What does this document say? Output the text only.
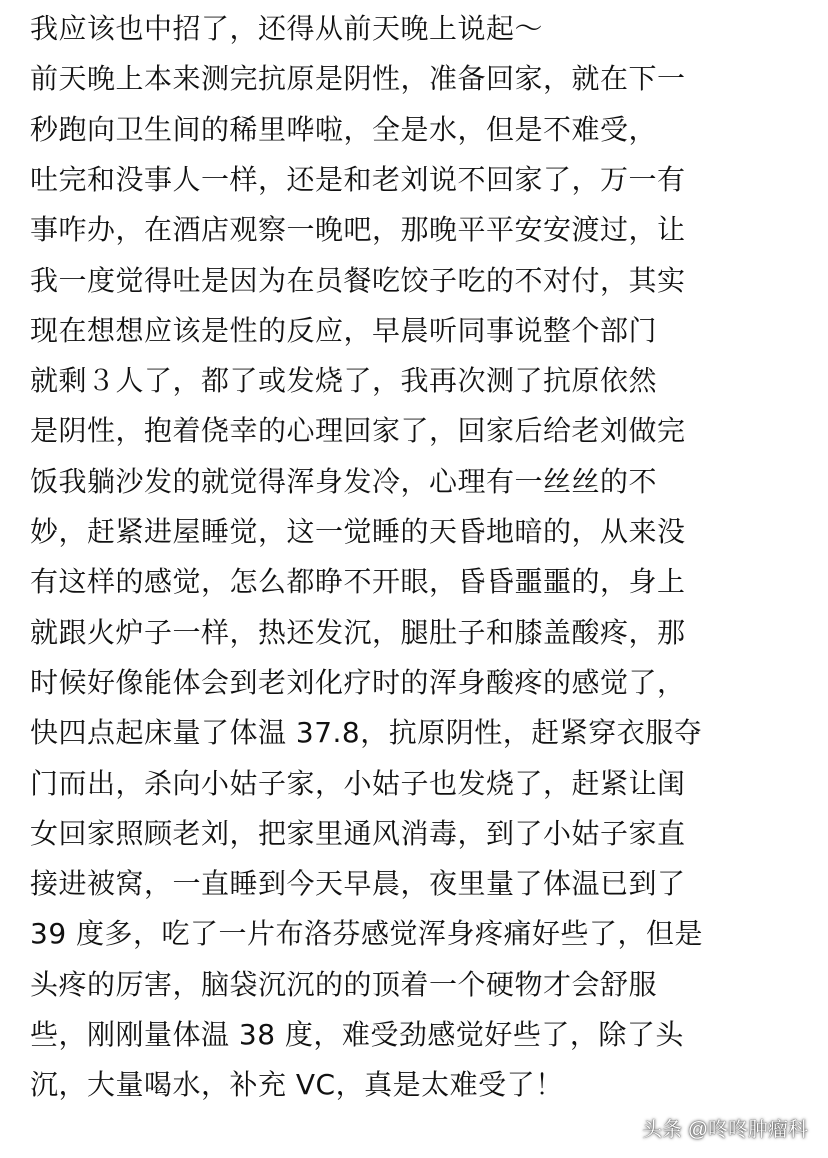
我应该也中招了，还得从前天晚上说起～
前天晚上本来测完抗原是阴性，准备回家，就在下一
秒跑向卫生间的稀里哗啦，全是水，但是不难受，
吐完和没事人一样，还是和老刘说不回家了，万一有
事咋办，在酒店观察一晚吧，那晚平平安安渡过，让
我一度觉得吐是因为在员餐吃饺子吃的不对付，其实
现在想想应该是性的反应，早晨听同事说整个部门
就剩３人了，都了或发烧了，我再次测了抗原依然
是阴性，抱着侥幸的心理回家了，回家后给老刘做完
饭我躺沙发的就觉得浑身发冷，心理有一丝丝的不
妙，赶紧进屋睡觉，这一觉睡的天昏地暗的，从来没
有这样的感觉，怎么都睁不开眼，昏昏噩噩的，身上
就跟火炉子一样，热还发沉，腿肚子和膝盖酸疼，那
时候好像能体会到老刘化疗时的浑身酸疼的感觉了，
快四点起床量了体温 37.8，抗原阴性，赶紧穿衣服夺
门而出，杀向小姑子家，小姑子也发烧了，赶紧让闺
女回家照顾老刘，把家里通风消毒，到了小姑子家直
接进被窝，一直睡到今天早晨，夜里量了体温已到了
39 度多，吃了一片布洛芬感觉浑身疼痛好些了，但是
头疼的厉害，脑袋沉沉的的顶着一个硬物才会舒服
些，刚刚量体温 38 度，难受劲感觉好些了，除了头
沉，大量喝水，补充 VC，真是太难受了！
头条 @咚咚肿瘤科
